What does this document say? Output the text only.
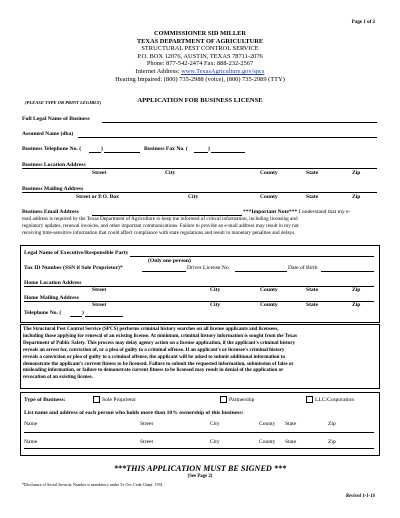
Page 1 of 2
COMMISSIONER SID MILLER
TEXAS DEPARTMENT OF AGRICULTURE
STRUCTURAL PEST CONTROL SERVICE
P.O. BOX 12076, AUSTIN, TEXAS 78711-2076
Phone: 877-542-2474 Fax: 888-232-2567
Internet Address: www.TexasAgriculture.gov/spcs
Hearing Impaired: (800) 735-2988 (voice), (800) 735-2989 (TTY)
(PLEASE TYPE OR PRINT LEGIBLY)	APPLICATION FOR BUSINESS LICENSE
Full Legal Name of Business
Assumed Name (dba)
Business Telephone No. (	)	Business Fax No. (	)
Business Location Address
Street	City	County	State	Zip
Business Mailing Address
Street or P.O. Box	City	County	State	Zip
Business Email Address	***Important Note*** I understand that my e-
mail address is required by the Texas Department of Agriculture to keep me informed of critical information, including licensing and
regulatory updates, renewal invoices, and other important communications. Failure to provide an e-mail address may result in my not
receiving time-sensitive information that could affect compliance with state regulations and result in monetary penalties and delays.
Legal Name of Executive/Responsible Party
(Only one person)
Tax ID Number (SSN if Sole Proprietor)*	Driver License No.	Date of Birth
Home Location Address
Street	City	County	State	Zip
Home Mailing Address
Street	City	County	State	Zip
Telephone No. (	)
The Structural Pest Control Service (SPCS) performs criminal history searches on all license applicants and licensees,
including those applying for renewal of an existing license. At minimum, criminal history information is sought from the Texas
Department of Public Safety. This process may delay agency action on a license application, if the applicant's criminal history
reveals an arrest for, conviction of, or a plea of guilty to a criminal offense. If an applicant's or licensee's criminal history
reveals a conviction or plea of guilty to a criminal offense, the applicant will be asked to submit additional information to
demonstrate the applicant's current fitness to be licensed. Failure to submit the requested information, submission of false or
misleading information, or failure to demonstrate current fitness to be licensed may result in denial of the application or
revocation of an existing license.
Type of Business:	Sole Proprietor	Partnership	LLC/Corporation
List name and address of each person who holds more than 10% ownership of this business:
Name	Street	City	County State	Zip
Name	Street	City	County State	Zip
***THIS APPLICATION MUST BE SIGNED ***
(See Page 2)
*Disclosure of Social Security Number is mandatory under Tx Occ Code Chapt. 1951.
Revised 1-1-16
